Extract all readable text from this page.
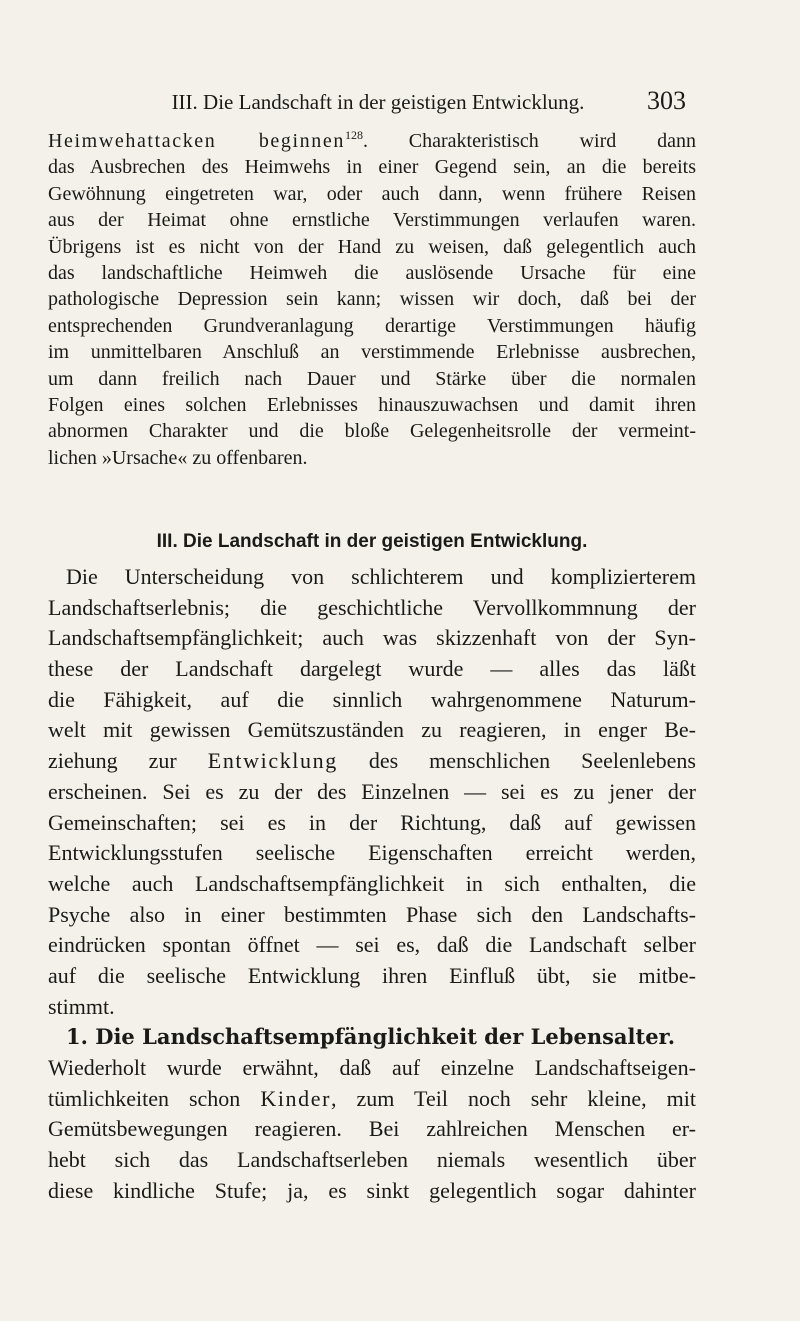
III. Die Landschaft in der geistigen Entwicklung.	303
Heimwehattacken beginnen$^{128}$. Charakteristisch wird dann
das Ausbrechen des Heimwehs in einer Gegend sein, an die bereits
Gewöhnung eingetreten war, oder auch dann, wenn frühere Reisen
aus der Heimat ohne ernstliche Verstimmungen verlaufen waren.
Übrigens ist es nicht von der Hand zu weisen, daß gelegentlich auch
das landschaftliche Heimweh die auslösende Ursache für eine
pathologische Depression sein kann; wissen wir doch, daß bei der
entsprechenden Grundveranlagung derartige Verstimmungen häufig
im unmittelbaren Anschluß an verstimmende Erlebnisse ausbrechen,
um dann freilich nach Dauer und Stärke über die normalen
Folgen eines solchen Erlebnisses hinauszuwachsen und damit ihren
abnormen Charakter und die bloße Gelegenheitsrolle der vermeint-
lichen »Ursache« zu offenbaren.
III. Die Landschaft in der geistigen Entwicklung.
Die Unterscheidung von schlichterem und komplizierterem
Landschaftserlebnis; die geschichtliche Vervollkommnung der
Landschaftsempfänglichkeit; auch was skizzenhaft von der Syn-
these der Landschaft dargelegt wurde — alles das läßt
die Fähigkeit, auf die sinnlich wahrgenommene Naturum-
welt mit gewissen Gemütszuständen zu reagieren, in enger Be-
ziehung zur Entwicklung des menschlichen Seelenlebens
erscheinen. Sei es zu der des Einzelnen — sei es zu jener der
Gemeinschaften; sei es in der Richtung, daß auf gewissen
Entwicklungsstufen seelische Eigenschaften erreicht werden,
welche auch Landschaftsempfänglichkeit in sich enthalten, die
Psyche also in einer bestimmten Phase sich den Landschafts-
eindrücken spontan öffnet — sei es, daß die Landschaft selber
auf die seelische Entwicklung ihren Einfluß übt, sie mitbe-
stimmt.
1. Die Landschaftsempfänglichkeit der Lebensalter.
Wiederholt wurde erwähnt, daß auf einzelne Landschaftseigen-
tümlichkeiten schon Kinder, zum Teil noch sehr kleine, mit
Gemütsbewegungen reagieren. Bei zahlreichen Menschen er-
hebt sich das Landschaftserleben niemals wesentlich über
diese kindliche Stufe; ja, es sinkt gelegentlich sogar dahinter
